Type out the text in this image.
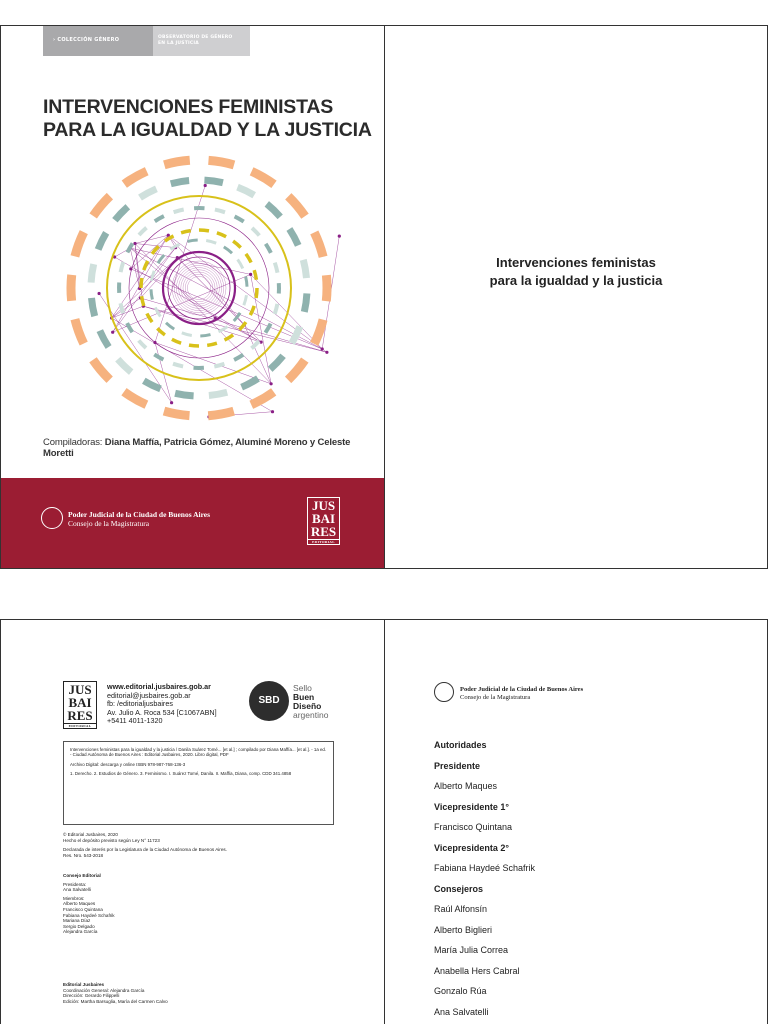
› COLECCIÓN GÉNERO	OBSERVATORIO DE GÉNERO
EN LA JUSTICIA
INTERVENCIONES FEMINISTAS
PARA LA IGUALDAD Y LA JUSTICIA
Compiladoras: Diana Maffía, Patricia Gómez, Aluminé Moreno y Celeste Moretti
Poder Judicial de la Ciudad de Buenos Aires
Consejo de la Magistratura
JUS
BAI
RES
EDITORIAL
Intervenciones feministas
para la igualdad y la justicia
JUS
BAI
RES
EDITORIAL
www.editorial.jusbaires.gob.ar
editorial@jusbaires.gob.ar
fb: /editorialjusbaires
Av. Julio A. Roca 534 [C1067ABN]
+5411 4011-1320
SBD
Sello
Buen
Diseño
argentino

Intervenciones feministas para la igualdad y la justicia / Danila Suárez Tomé... [et al.] ; compilado por Diana Maffía... [et al.]. - 1a ed. - Ciudad Autónoma de Buenos Aires : Editorial Jusbaires, 2020. Libro digital, PDF

Archivo Digital: descarga y online ISBN 978-987-768-136-3

1. Derecho. 2. Estudios de Género. 3. Feminismo. I. Suárez Tomé, Danila. II. Maffía, Diana, comp. CDD 341.4858

© Editorial Jusbaires, 2020

Hecho el depósito previsto según Ley N° 11723

Declarada de interés por la Legislatura de la Ciudad Autónoma de Buenos Aires.

Res. Nro. 543-2018

Consejo Editorial

Presidenta:

Ana Salvatelli

Miembros:

Alberto Maques

Francisco Quintana

Fabiana Haydeé Schafrik

Mariana Díaz

Sergio Delgado

Alejandra García

Editorial Jusbaires

Coordinación General: Alejandra García

Dirección: Gerardo Filippelli

Edición: Martha Barsuglia, María del Carmen Calvo

Poder Judicial de la Ciudad de Buenos Aires
Consejo de la Magistratura
Autoridades
Presidente
Alberto Maques
Vicepresidente 1°
Francisco Quintana
Vicepresidenta 2°
Fabiana Haydeé Schafrik
Consejeros
Raúl Alfonsín
Alberto Biglieri
María Julia Correa
Anabella Hers Cabral
Gonzalo Rúa
Ana Salvatelli
